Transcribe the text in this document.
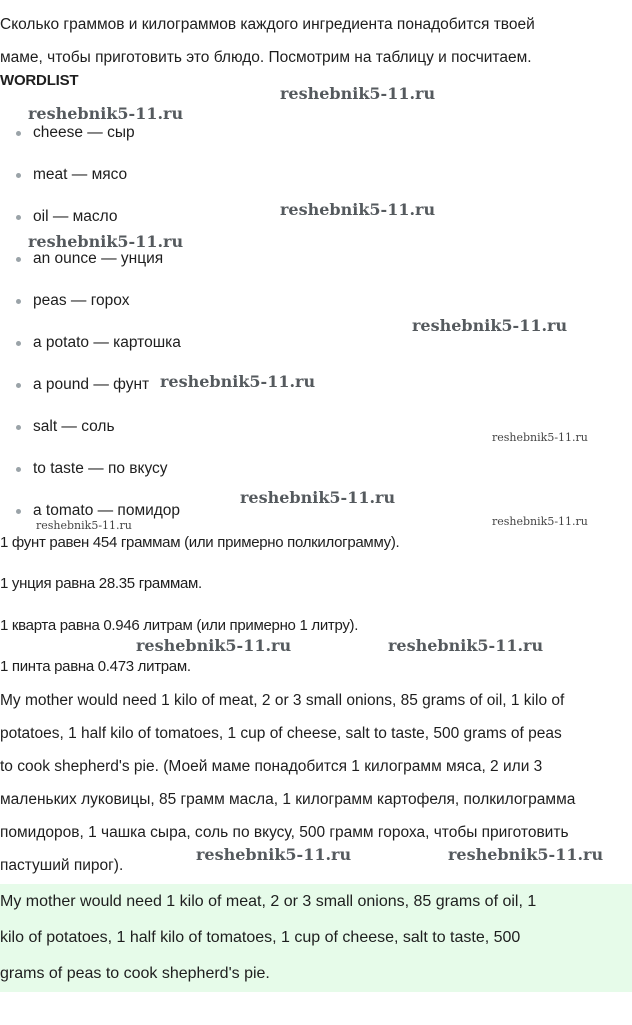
Сколько граммов и килограммов каждого ингредиента понадобится твоей
маме, чтобы приготовить это блюдо. Посмотрим на таблицу и посчитаем.
WORDLIST
cheese — сыр
meat — мясо
oil — масло
an ounce — унция
peas — горох
a potato — картошка
a pound — фунт
salt — соль
to taste — по вкусу
a tomato — помидор
1 фунт равен 454 граммам (или примерно полкилограмму).
1 унция равна 28.35 граммам.
1 кварта равна 0.946 литрам (или примерно 1 литру).
1 пинта равна 0.473 литрам.
My mother would need 1 kilo of meat, 2 or 3 small onions, 85 grams of oil, 1 kilo of
potatoes, 1 half kilo of tomatoes, 1 cup of cheese, salt to taste, 500 grams of peas
to cook shepherd's pie. (Моей маме понадобится 1 килограмм мяса, 2 или 3
маленьких луковицы, 85 грамм масла, 1 килограмм картофеля, полкилограмма
помидоров, 1 чашка сыра, соль по вкусу, 500 грамм гороха, чтобы приготовить
пастуший пирог).
My mother would need 1 kilo of meat, 2 or 3 small onions, 85 grams of oil, 1
kilo of potatoes, 1 half kilo of tomatoes, 1 cup of cheese, salt to taste, 500
grams of peas to cook shepherd's pie.
reshebnik5-11.ru
reshebnik5-11.ru
reshebnik5-11.ru
reshebnik5-11.ru
reshebnik5-11.ru
reshebnik5-11.ru
reshebnik5-11.ru
reshebnik5-11.ru
reshebnik5-11.ru
reshebnik5-11.ru
reshebnik5-11.ru	reshebnik5-11.ru
reshebnik5-11.ru	reshebnik5-11.ru
